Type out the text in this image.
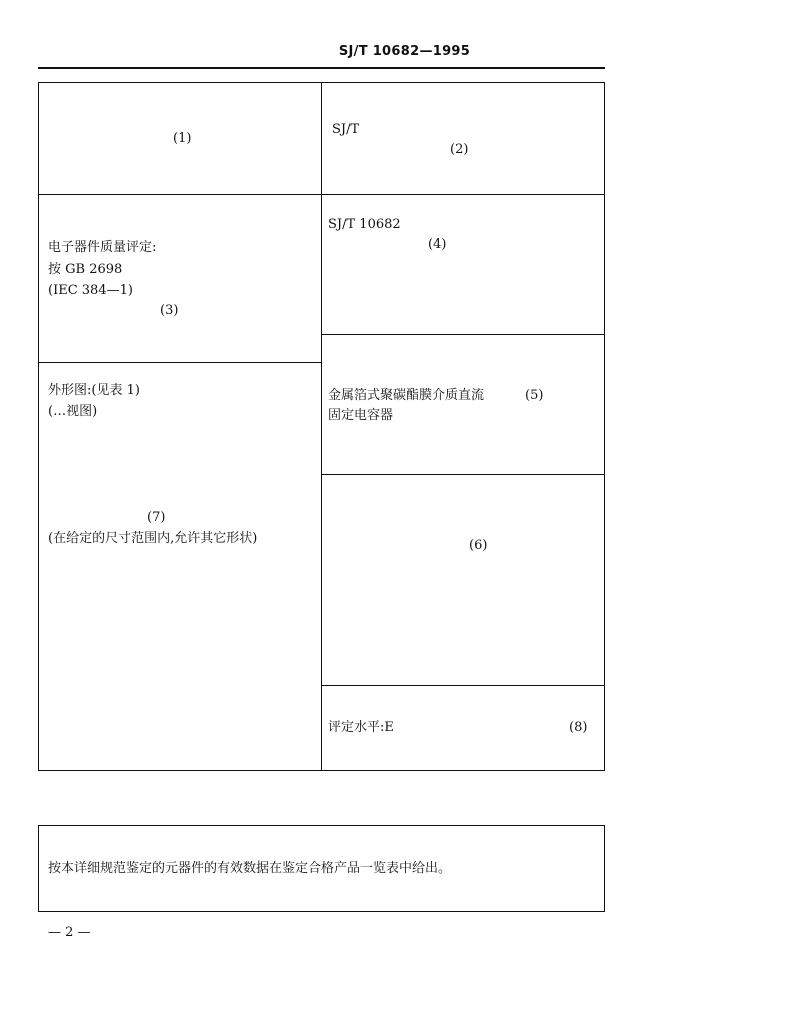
SJ/T 10682—1995
(1)
SJ/T
(2)
电子器件质量评定:
按 GB 2698
(IEC 384—1)
(3)
SJ/T 10682
(4)
金属箔式聚碳酯膜介质直流
固定电容器
(5)
(6)
外形图:(见表 1)
(…视图)
(7)
(在给定的尺寸范围内,允许其它形状)
评定水平:E	(8)
按本详细规范鉴定的元器件的有效数据在鉴定合格产品一览表中给出。
— 2 —
